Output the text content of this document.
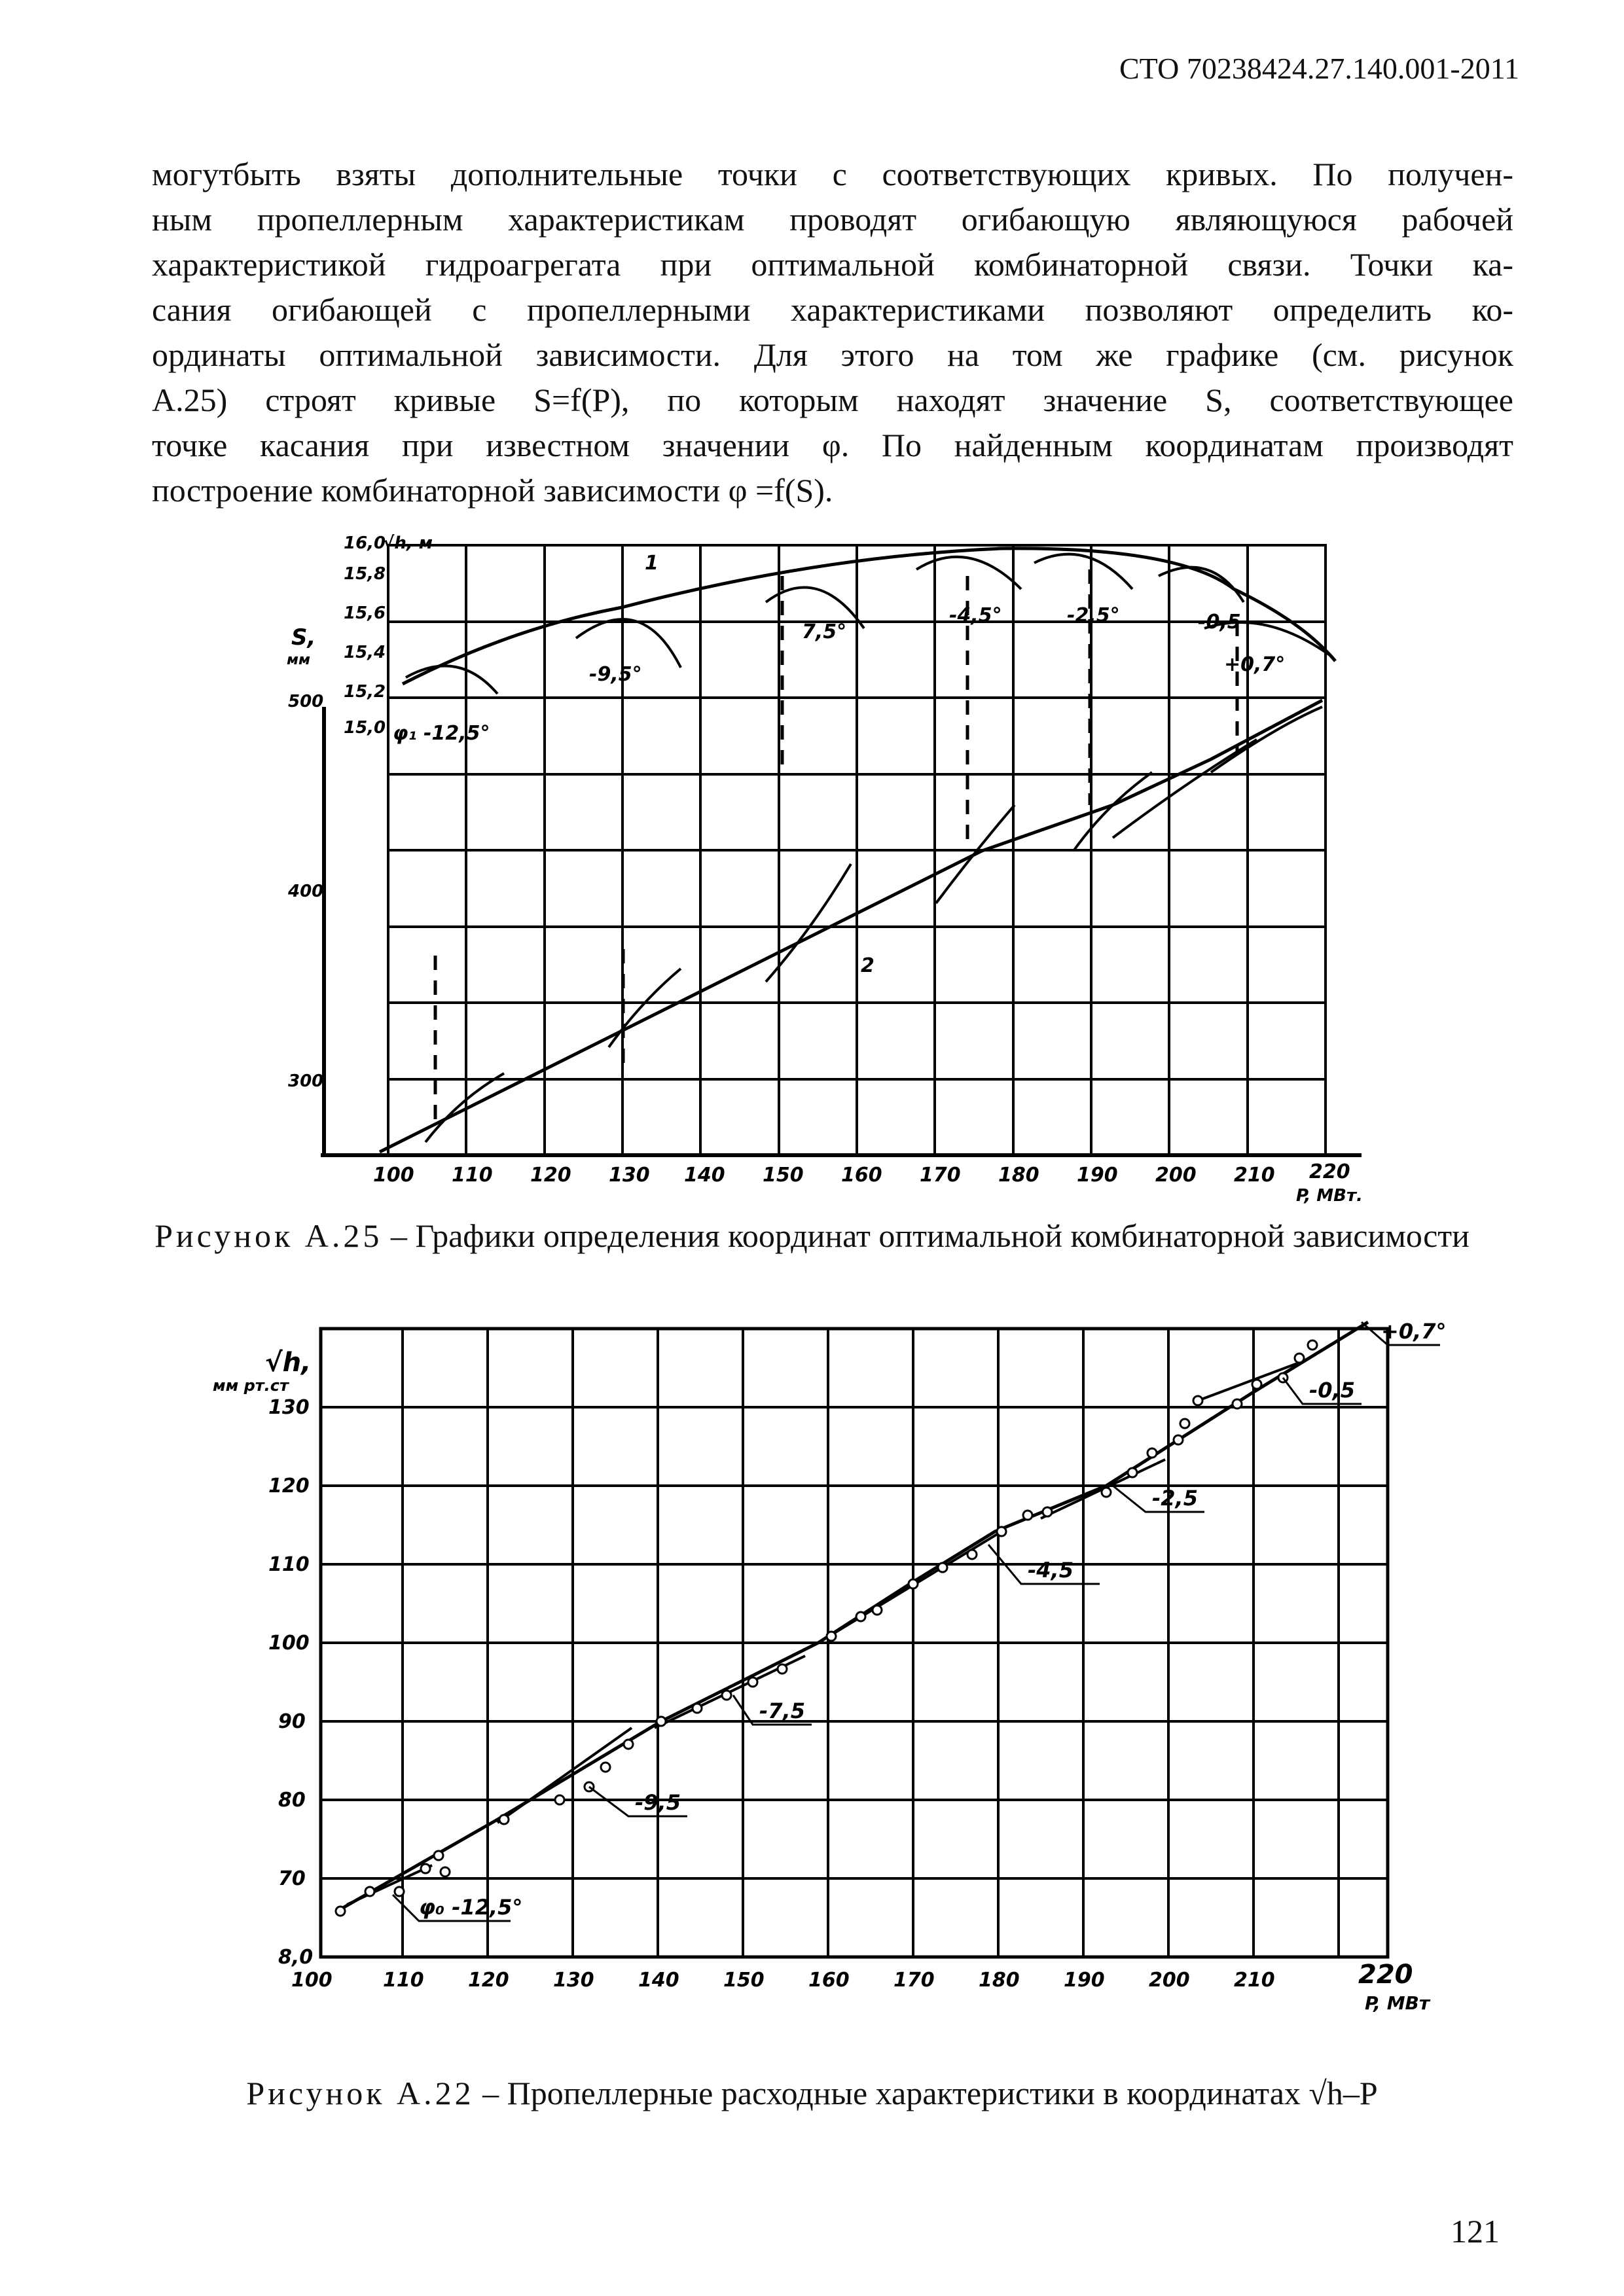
СТО 70238424.27.140.001-2011
могутбыть взяты дополнительные точки с соответствующих кривых. По получен-
ным пропеллерным характеристикам проводят огибающую являющуюся рабочей
характеристикой гидроагрегата при оптимальной комбинаторной связи. Точки ка-
сания огибающей с пропеллерными характеристиками позволяют определить ко-
ординаты оптимальной зависимости. Для этого на том же графике (см. рисунок
А.25) строят кривые S=f(P), по которым находят значение S, соответствующее
точке касания при известном значении φ. По найденным координатам производят
построение комбинаторной зависимости φ =f(S).
100 110 120 130 140 150 160 170 180 190 200 210 220
P, МВт.
300
400
500
15,0
15,2
15,4
15,6
15,8
16,0
√h, м
S,
мм
1
2
φ₁ -12,5°
-9,5°
7,5°
-4,5°	-2,5°	-0,5
+0,7°
Рисунок А.25 – Графики определения координат оптимальной комбинаторной зависимости
100	110 120 130 140 150 160 170 180 190 200 210	220
P, МВт
8,0
70
80
90
100
110
120
130
√h,
мм рт.ст
φ₀ -12,5°
-9,5
-7,5
-4,5
-2,5
-0,5
+0,7°
Рисунок А.22 – Пропеллерные расходные характеристики в координатах √h–P
121
